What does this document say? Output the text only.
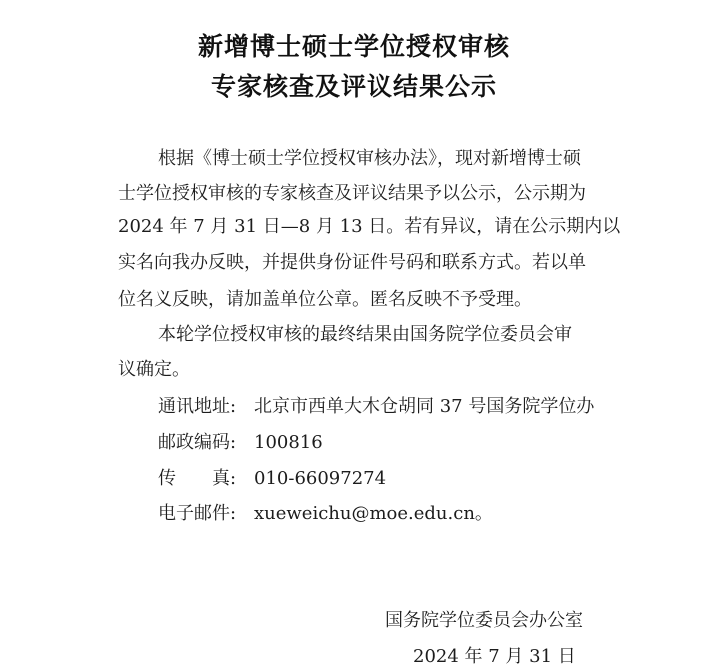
新增博士硕士学位授权审核
专家核查及评议结果公示
根据《博士硕士学位授权审核办法》，现对新增博士硕
士学位授权审核的专家核查及评议结果予以公示，公示期为
2024 年 7 月 31 日—8 月 13 日。若有异议，请在公示期内以
实名向我办反映，并提供身份证件号码和联系方式。若以单
位名义反映，请加盖单位公章。匿名反映不予受理。
本轮学位授权审核的最终结果由国务院学位委员会审
议确定。
通讯地址: 北京市西单大木仓胡同 37 号国务院学位办
邮政编码: 100816
传　　真: 010-66097274
电子邮件: xueweichu@moe.edu.cn。
国务院学位委员会办公室
2024 年 7 月 31 日
